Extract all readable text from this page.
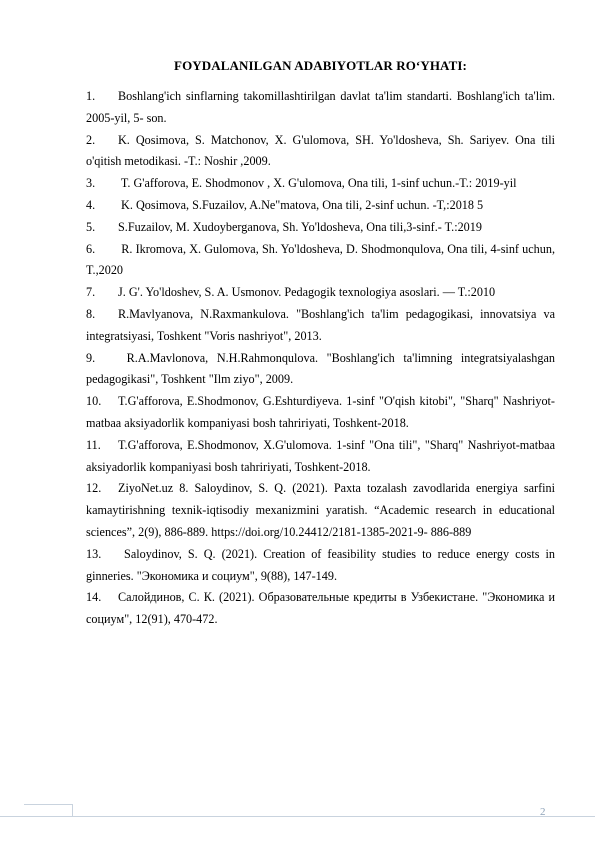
FOYDALANILGAN ADABIYOTLAR RO‘YHATI:
1. Boshlang'ich sinflarning takomillashtirilgan davlat ta'lim standarti. Boshlang'ich ta'lim. 2005-yil, 5- son.
2. K. Qosimova, S. Matchonov, X. G'ulomova, SH. Yo'ldosheva, Sh. Sariyev. Ona tili o'qitish metodikasi. -T.: Noshir ,2009.
3. T. G'afforova, E. Shodmonov , X. G'ulomova, Ona tili, 1-sinf uchun.-T.: 2019-yil
4. K. Qosimova, S.Fuzailov, A.Ne"matova, Ona tili, 2-sinf uchun. -T,:2018 5
5. S.Fuzailov, M. Xudoyberganova, Sh. Yo'ldosheva, Ona tili,3-sinf.- T.:2019
6. R. Ikromova, X. Gulomova, Sh. Yo'ldosheva, D. Shodmonqulova, Ona tili, 4-sinf uchun, T.,2020
7. J. G'. Yo'ldoshev, S. A. Usmonov. Pedagogik texnologiya asoslari. — T.:2010
8. R.Mavlyanova, N.Raxmankulova. "Boshlang'ich ta'lim pedagogikasi, innovatsiya va integratsiyasi, Toshkent "Voris nashriyot", 2013.
9. R.A.Mavlonova, N.H.Rahmonqulova. "Boshlang'ich ta'limning integratsiyalashgan pedagogikasi", Toshkent "Ilm ziyo", 2009.
10. T.G'afforova, E.Shodmonov, G.Eshturdiyeva. 1-sinf "O'qish kitobi", "Sharq" Nashriyot-matbaa aksiyadorlik kompaniyasi bosh tahririyati, Toshkent-2018.
11. T.G'afforova, E.Shodmonov, X.G'ulomova. 1-sinf "Ona tili", "Sharq" Nashriyot-matbaa aksiyadorlik kompaniyasi bosh tahririyati, Toshkent-2018.
12. ZiyoNet.uz 8. Saloydinov, S. Q. (2021). Paxta tozalash zavodlarida energiya sarfini kamaytirishning texnik-iqtisodiy mexanizmini yaratish. “Academic research in educational sciences”, 2(9), 886-889. https://doi.org/10.24412/2181-1385-2021-9- 886-889
13. Saloydinov, S. Q. (2021). Creation of feasibility studies to reduce energy costs in ginneries. "Экономика и социум", 9(88), 147-149.
14. Салойдинов, С. К. (2021). Образовательные кредиты в Узбекистане. "Экономика и социум", 12(91), 470-472.
2
